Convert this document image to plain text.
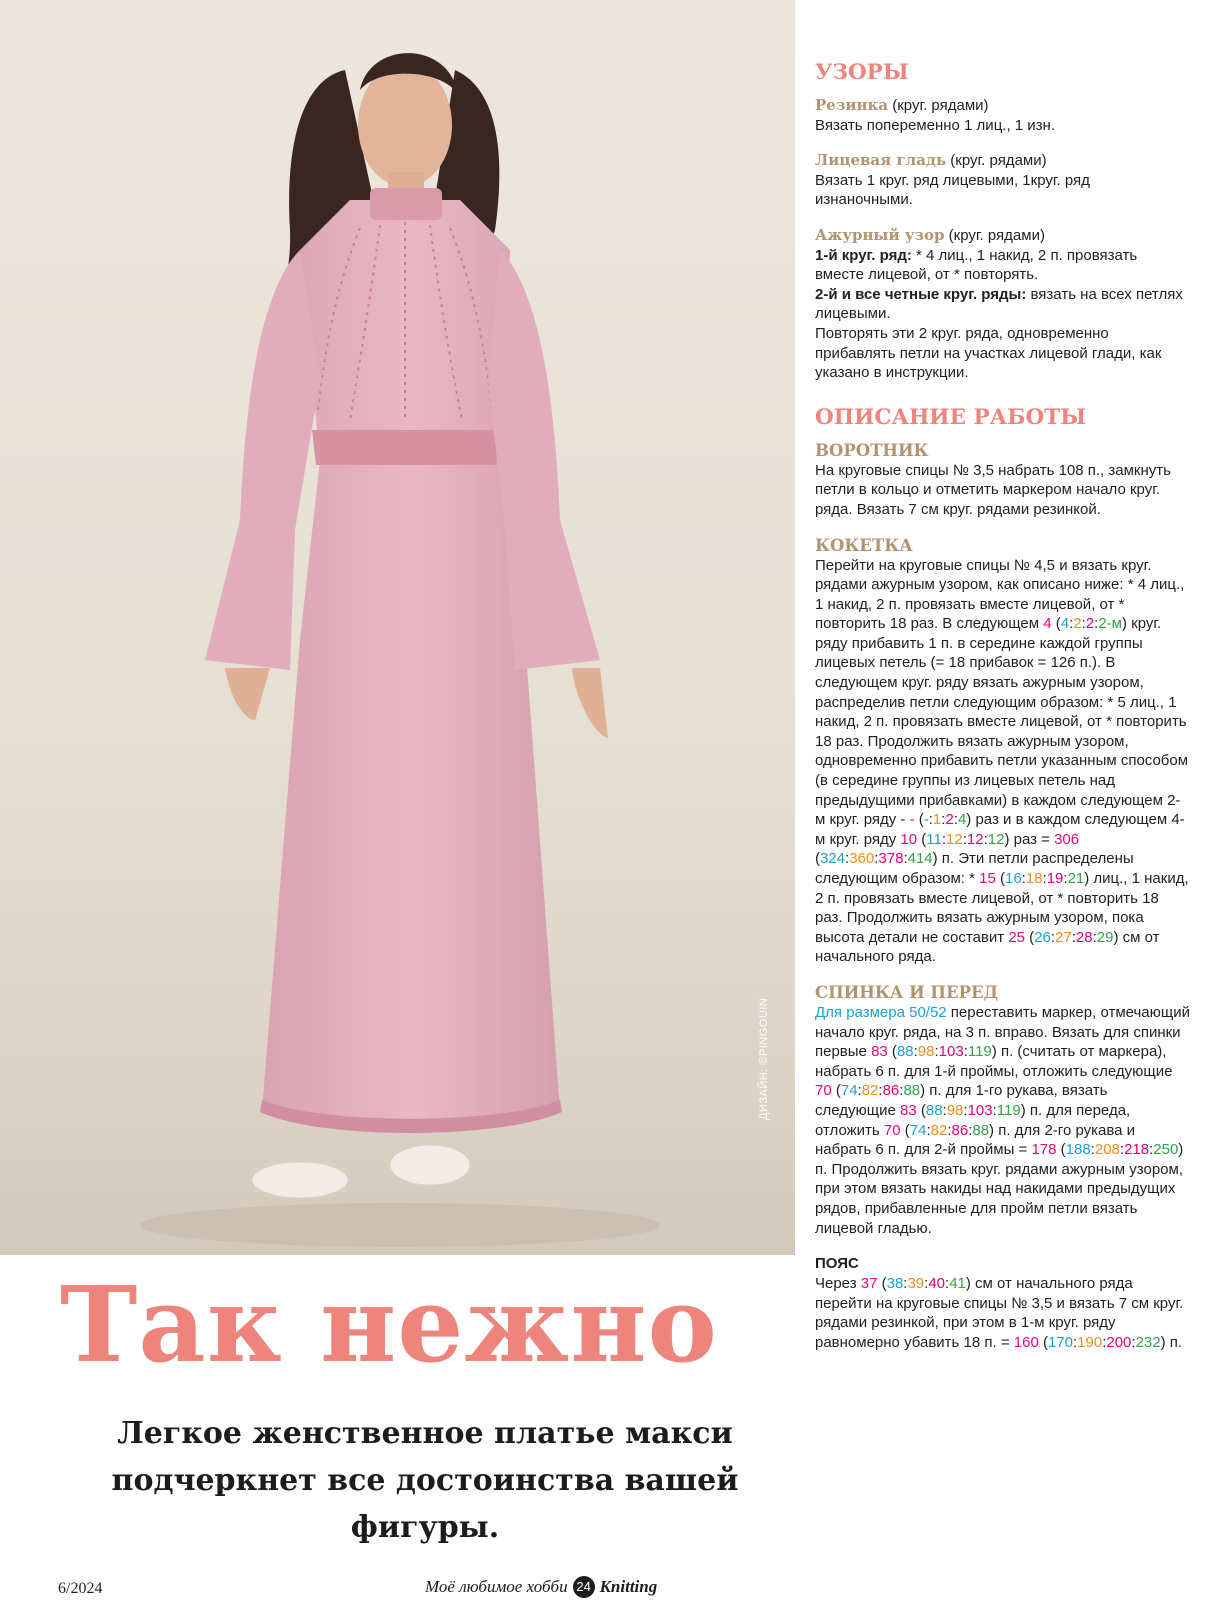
ДИЗАЙН: ©PINGOUIN
Так нежно
Легкое женственное платье макси подчеркнет все достоинства вашей фигуры.
6/2024	Моё любимое хобби 24 Knitting
УЗОРЫ

Резинка (круг. рядами)
Вязать попеременно 1 лиц., 1 изн.

Лицевая гладь (круг. рядами)
Вязать 1 круг. ряд лицевыми, 1круг. ряд изнаночными.

Ажурный узор (круг. рядами)
1-й круг. ряд: * 4 лиц., 1 накид, 2 п. провязать вместе лицевой, от * повторять.
2-й и все четные круг. ряды: вязать на всех петлях лицевыми.
Повторять эти 2 круг. ряда, одновременно прибавлять петли на участках лицевой глади, как указано в инструкции.

ОПИСАНИЕ РАБОТЫ
ВОРОТНИК

На круговые спицы № 3,5 набрать 108 п., замкнуть петли в кольцо и отметить маркером начало круг. ряда. Вязать 7 см круг. рядами резинкой.

КОКЕТКА

Перейти на круговые спицы № 4,5 и вязать круг. рядами ажурным узором, как описано ниже: * 4 лиц., 1 накид, 2 п. провязать вместе лицевой, от * повторить 18 раз. В следующем 4 (4:2:2:2-м) круг. ряду прибавить 1 п. в середине каждой группы лицевых петель (= 18 прибавок = 126 п.). В следующем круг. ряду вязать ажурным узором, распределив петли следующим образом: * 5 лиц., 1 накид, 2 п. провязать вместе лицевой, от * повторить 18 раз. Продолжить вязать ажурным узором, одновременно прибавить петли указанным способом (в середине группы из лицевых петель над предыдущими прибавками) в каждом следующем 2-м круг. ряду - - (-:1:2:4) раз и в каждом следующем 4-м круг. ряду 10 (11:12:12:12) раз = 306 (324:360:378:414) п. Эти петли распределены следующим образом: * 15 (16:18:19:21) лиц., 1 накид, 2 п. провязать вместе лицевой, от * повторить 18 раз. Продолжить вязать ажурным узором, пока высота детали не составит 25 (26:27:28:29) см от начального ряда.

СПИНКА И ПЕРЕД

Для размера 50/52 переставить маркер, отмечающий начало круг. ряда, на 3 п. вправо. Вязать для спинки первые 83 (88:98:103:119) п. (считать от маркера), набрать 6 п. для 1-й проймы, отложить следующие 70 (74:82:86:88) п. для 1-го рукава, вязать следующие 83 (88:98:103:119) п. для переда, отложить 70 (74:82:86:88) п. для 2-го рукава и набрать 6 п. для 2-й проймы = 178 (188:208:218:250) п. Продолжить вязать круг. рядами ажурным узором, при этом вязать накиды над накидами предыдущих рядов, прибавленные для пройм петли вязать лицевой гладью.

ПОЯС

Через 37 (38:39:40:41) см от начального ряда перейти на круговые спицы № 3,5 и вязать 7 см круг. рядами резинкой, при этом в 1-м круг. ряду равномерно убавить 18 п. = 160 (170:190:200:232) п.
